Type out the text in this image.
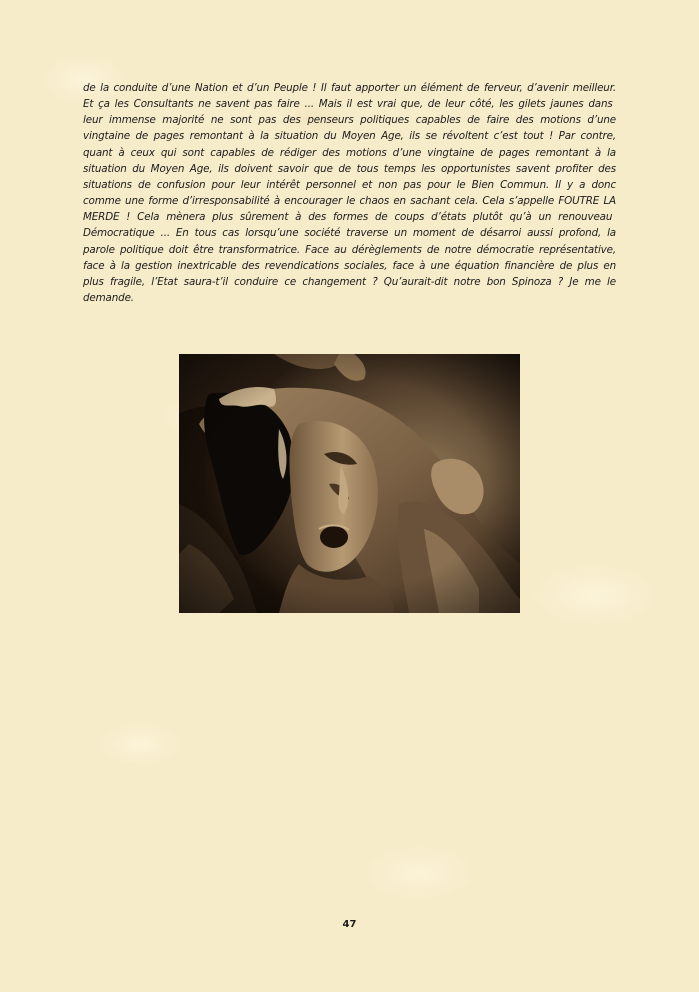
de la conduite d’une Nation et d’un Peuple ! Il faut apporter un élément de ferveur, d’avenir meilleur.
Et ça les Consultants ne savent pas faire ... Mais il est vrai que, de leur côté, les gilets jaunes dans
leur immense majorité ne sont pas des penseurs politiques capables de faire des motions d’une
vingtaine de pages remontant à la situation du Moyen Age, ils se révoltent c’est tout ! Par contre,
quant à ceux qui sont capables de rédiger des motions d’une vingtaine de pages remontant à la
situation du Moyen Age, ils doivent savoir que de tous temps les opportunistes savent profiter des
situations de confusion pour leur intérêt personnel et non pas pour le Bien Commun. Il y a donc
comme une forme d’irresponsabilité à encourager le chaos en sachant cela. Cela s’appelle FOUTRE LA
MERDE ! Cela mènera plus sûrement à des formes de coups d’états plutôt qu’à un renouveau
Démocratique ... En tous cas lorsqu’une société traverse un moment de désarroi aussi profond, la
parole politique doit être transformatrice. Face au dérèglements de notre démocratie représentative,
face à la gestion inextricable des revendications sociales, face à une équation financière de plus en
plus fragile, l’Etat saura-t’il conduire ce changement ? Qu’aurait-dit notre bon Spinoza ? Je me le
demande.
47
